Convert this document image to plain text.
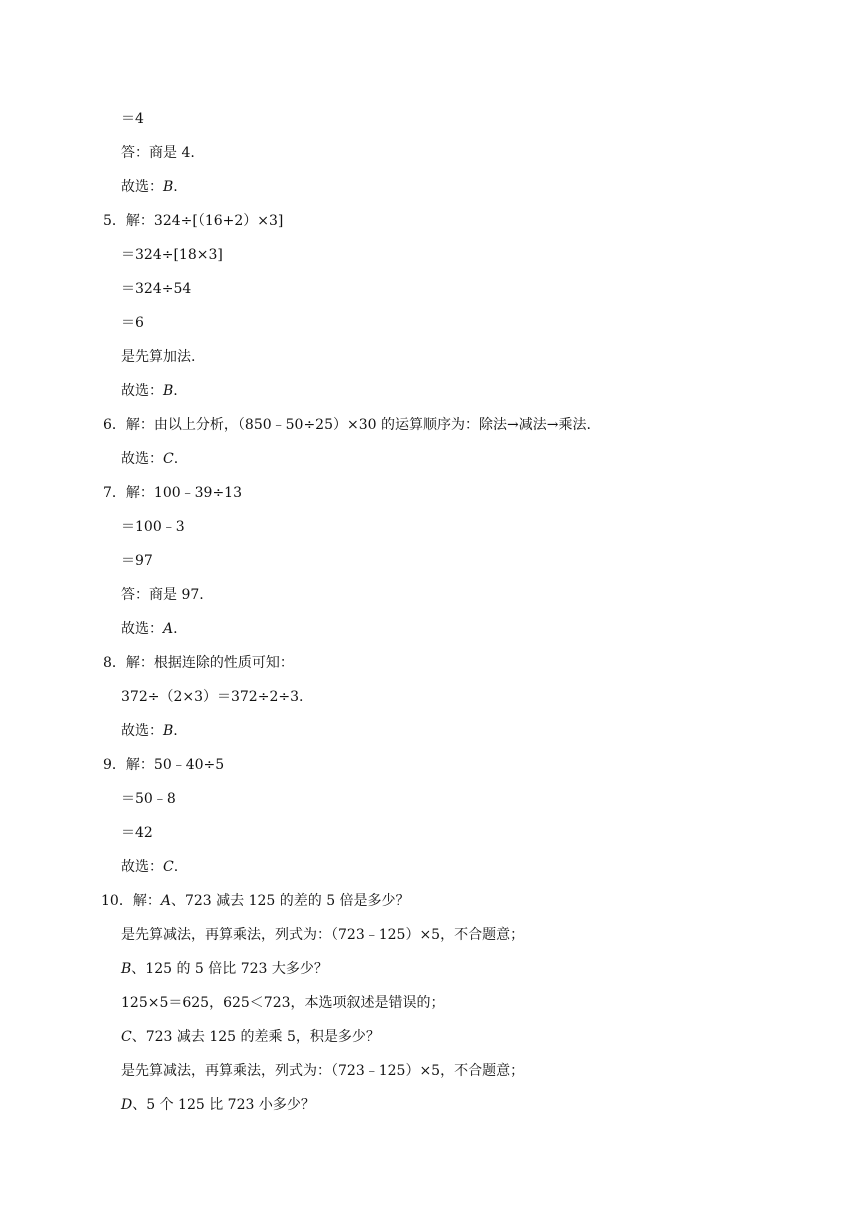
＝4
答：商是 4.
故选：B.
5．解：324÷[（16+2）×3]
＝324÷[18×3]
＝324÷54
＝6
是先算加法.
故选：B.
6．解：由以上分析，（850﹣50÷25）×30 的运算顺序为：除法→减法→乘法.
故选：C.
7．解：100﹣39÷13
＝100﹣3
＝97
答：商是 97.
故选：A.
8．解：根据连除的性质可知：
372÷（2×3）＝372÷2÷3.
故选：B.
9．解：50﹣40÷5
＝50﹣8
＝42
故选：C.
10．解：A、723 减去 125 的差的 5 倍是多少？
是先算减法，再算乘法，列式为：（723﹣125）×5，不合题意；
B、125 的 5 倍比 723 大多少？
125×5＝625，625＜723，本选项叙述是错误的；
C、723 减去 125 的差乘 5，积是多少？
是先算减法，再算乘法，列式为：（723﹣125）×5，不合题意；
D、5 个 125 比 723 小多少？
